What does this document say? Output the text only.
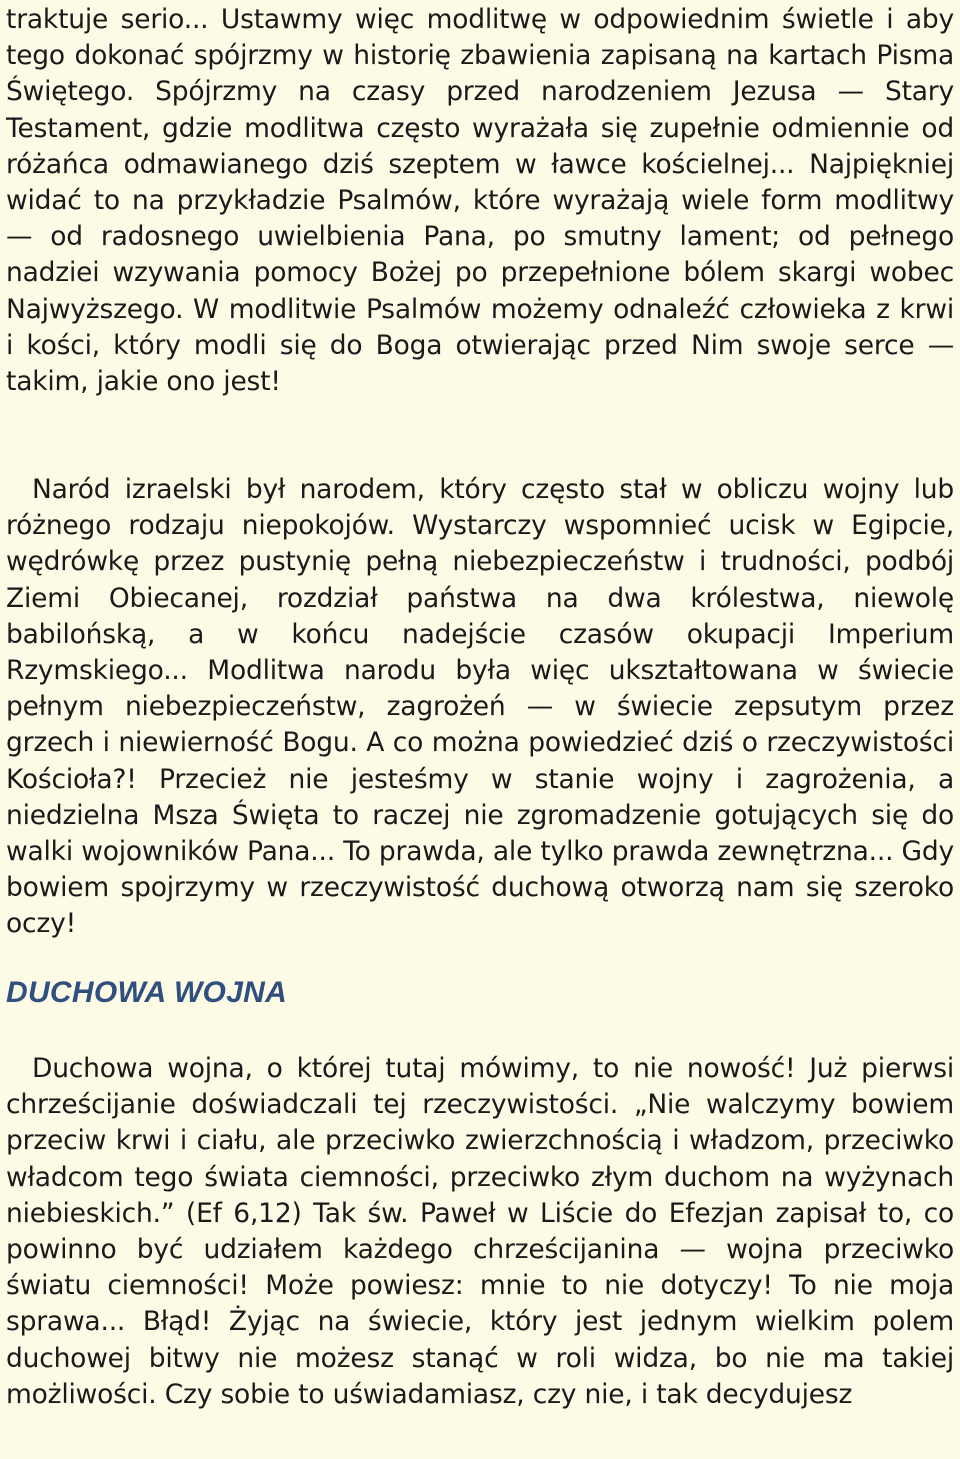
traktuje serio... Ustawmy więc modlitwę w odpowiednim świetle i aby tego dokonać spójrzmy w historię zbawienia zapisaną na kartach Pisma Świętego. Spójrzmy na czasy przed narodzeniem Jezusa — Stary Testament, gdzie modlitwa często wyrażała się zupełnie odmiennie od różańca odmawianego dziś szeptem w ławce kościelnej... Najpiękniej widać to na przykładzie Psalmów, które wyrażają wiele form modlitwy — od radosnego uwielbienia Pana, po smutny lament; od pełnego nadziei wzywania pomocy Bożej po przepełnione bólem skargi wobec Najwyższego. W modlitwie Psalmów możemy odnaleźć człowieka z krwi i kości, który modli się do Boga otwierając przed Nim swoje serce — takim, jakie ono jest!

Naród izraelski był narodem, który często stał w obliczu wojny lub różnego rodzaju niepokojów. Wystarczy wspomnieć ucisk w Egipcie, wędrówkę przez pustynię pełną niebezpieczeństw i trudności, podbój Ziemi Obiecanej, rozdział państwa na dwa królestwa, niewolę babilońską, a w końcu nadejście czasów okupacji Imperium Rzymskiego... Modlitwa narodu była więc ukształtowana w świecie pełnym niebezpieczeństw, zagrożeń — w świecie zepsutym przez grzech i niewierność Bogu. A co można powiedzieć dziś o rzeczywistości Kościoła?! Przecież nie jesteśmy w stanie wojny i zagrożenia, a niedzielna Msza Święta to raczej nie zgromadzenie gotujących się do walki wojowników Pana... To prawda, ale tylko prawda zewnętrzna... Gdy bowiem spojrzymy w rzeczywistość duchową otworzą nam się szeroko oczy!

DUCHOWA WOJNA

Duchowa wojna, o której tutaj mówimy, to nie nowość! Już pierwsi chrześcijanie doświadczali tej rzeczywistości. „Nie walczymy bowiem przeciw krwi i ciału, ale przeciwko zwierzchnością i władzom, przeciwko władcom tego świata ciemności, przeciwko złym duchom na wyżynach niebieskich.” (Ef 6,12) Tak św. Paweł w Liście do Efezjan zapisał to, co powinno być udziałem każdego chrześcijanina — wojna przeciwko światu ciemności! Może powiesz: mnie to nie dotyczy! To nie moja sprawa... Błąd! Żyjąc na świecie, który jest jednym wielkim polem duchowej bitwy nie możesz stanąć w roli widza, bo nie ma takiej możliwości. Czy sobie to uświadamiasz, czy nie, i tak decydujesz
